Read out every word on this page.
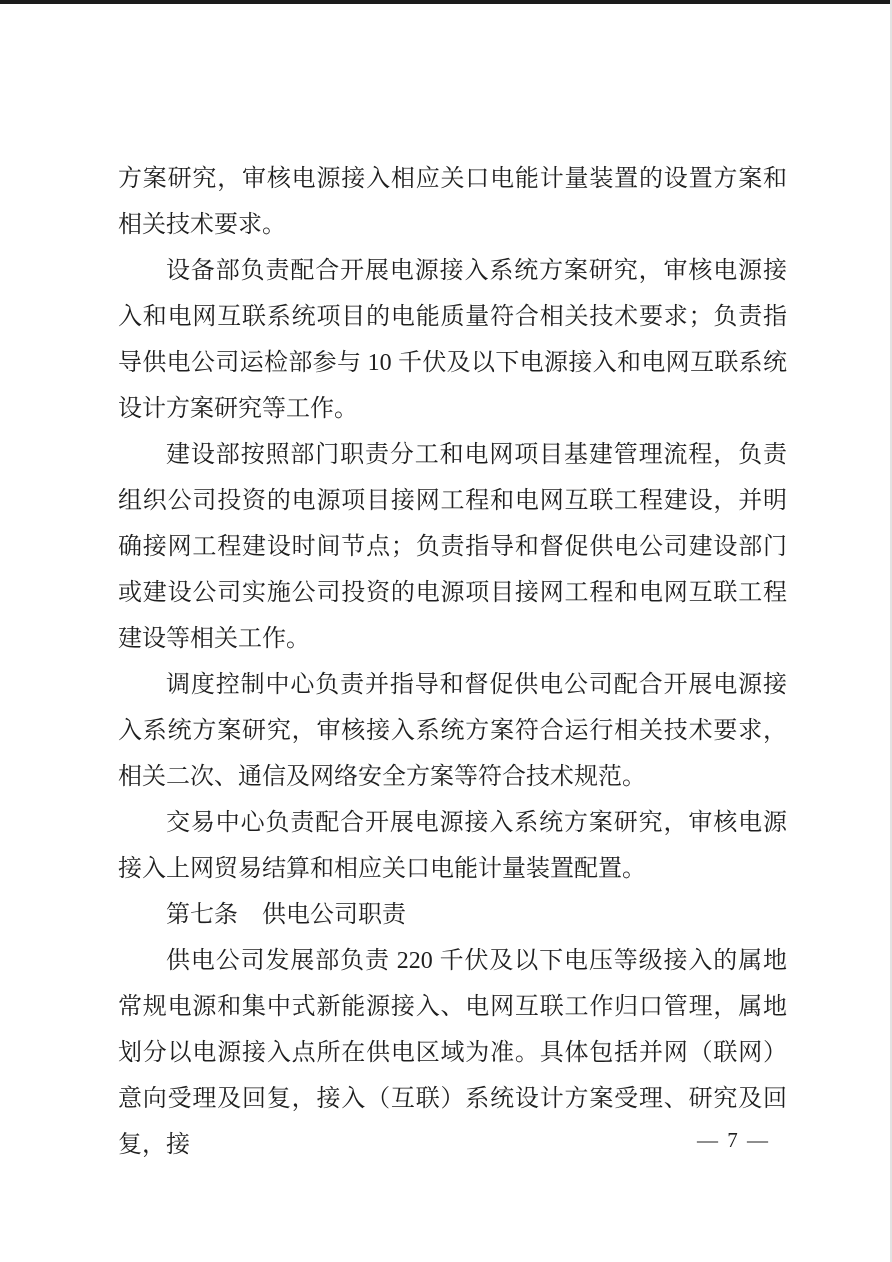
方案研究，审核电源接入相应关口电能计量装置的设置方案和相关技术要求。

设备部负责配合开展电源接入系统方案研究，审核电源接入和电网互联系统项目的电能质量符合相关技术要求；负责指导供电公司运检部参与 10 千伏及以下电源接入和电网互联系统设计方案研究等工作。

建设部按照部门职责分工和电网项目基建管理流程，负责组织公司投资的电源项目接网工程和电网互联工程建设，并明确接网工程建设时间节点；负责指导和督促供电公司建设部门或建设公司实施公司投资的电源项目接网工程和电网互联工程建设等相关工作。

调度控制中心负责并指导和督促供电公司配合开展电源接入系统方案研究，审核接入系统方案符合运行相关技术要求，相关二次、通信及网络安全方案等符合技术规范。

交易中心负责配合开展电源接入系统方案研究，审核电源接入上网贸易结算和相应关口电能计量装置配置。

第七条　供电公司职责

供电公司发展部负责 220 千伏及以下电压等级接入的属地常规电源和集中式新能源接入、电网互联工作归口管理，属地划分以电源接入点所在供电区域为准。具体包括并网（联网）意向受理及回复，接入（互联）系统设计方案受理、研究及回复，接	— 7 —
